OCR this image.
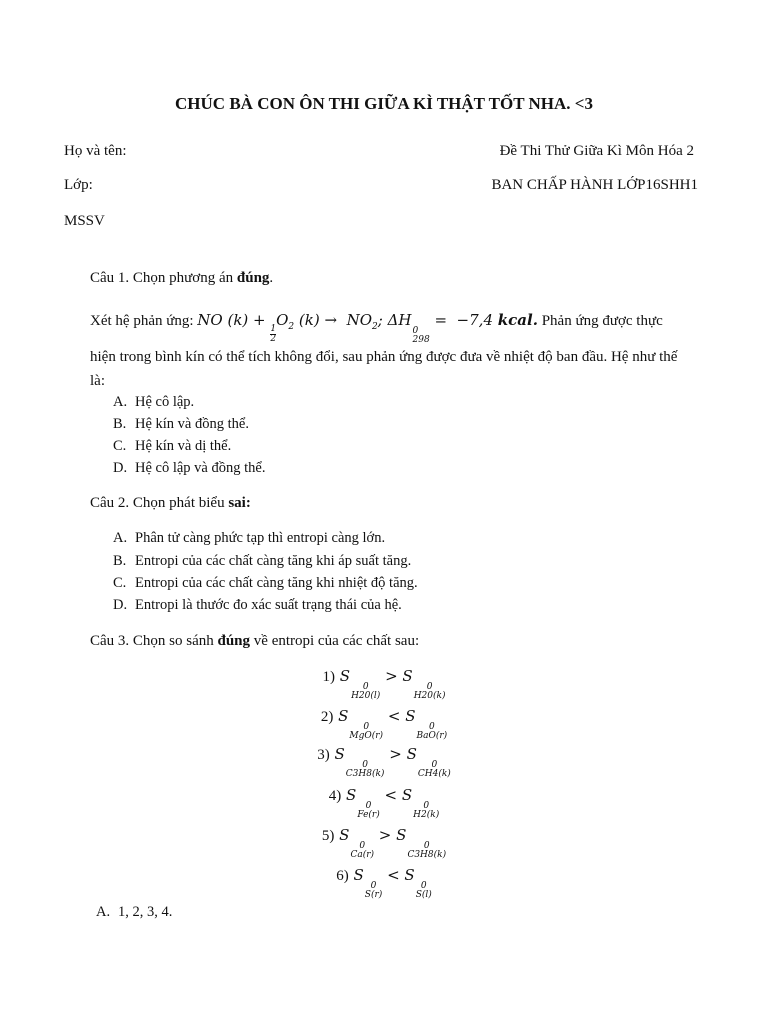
CHÚC BÀ CON ÔN THI GIỮA KÌ THẬT TỐT NHA. <3
Họ và tên:
Lớp:
MSSV
Đề Thi Thử Giữa Kì Môn Hóa 2
BAN CHẤP HÀNH LỚP16SHH1
Câu 1. Chọn phương án đúng.
Xét hệ phản ứng: NO (k) + 1
2
$O_2$ $(k) \to NO_2$; ΔH
0
298
=  −7,4 kcal. Phản ứng được thực hiện trong bình kín có thể tích không đổi, sau phản ứng được đưa về nhiệt độ ban đầu. Hệ như thế là:
A. Hệ cô lập.
B. Hệ kín và đồng thể.
C. Hệ kín và dị thể.
D. Hệ cô lập và đồng thể.
Câu 2. Chọn phát biểu sai:
A. Phân tử càng phức tạp thì entropi càng lớn.
B. Entropi của các chất càng tăng khi áp suất tăng.
C. Entropi của các chất càng tăng khi nhiệt độ tăng.
D. Entropi là thước đo xác suất trạng thái của hệ.
Câu 3. Chọn so sánh đúng về entropi của các chất sau:
1) S
0
H20(l)
> S
0
H20(k)
2) S
0
MgO(r)
< S
0
BaO(r)
3) S
0
C3H8(k)
> S
0
CH4(k)
4) S
0
Fe(r)
< S
0
H2(k)
5) S
0
Ca(r)
> S
0
C3H8(k)
6) S
0
S(r)
< S
0
S(l)
A. 1, 2, 3, 4.
